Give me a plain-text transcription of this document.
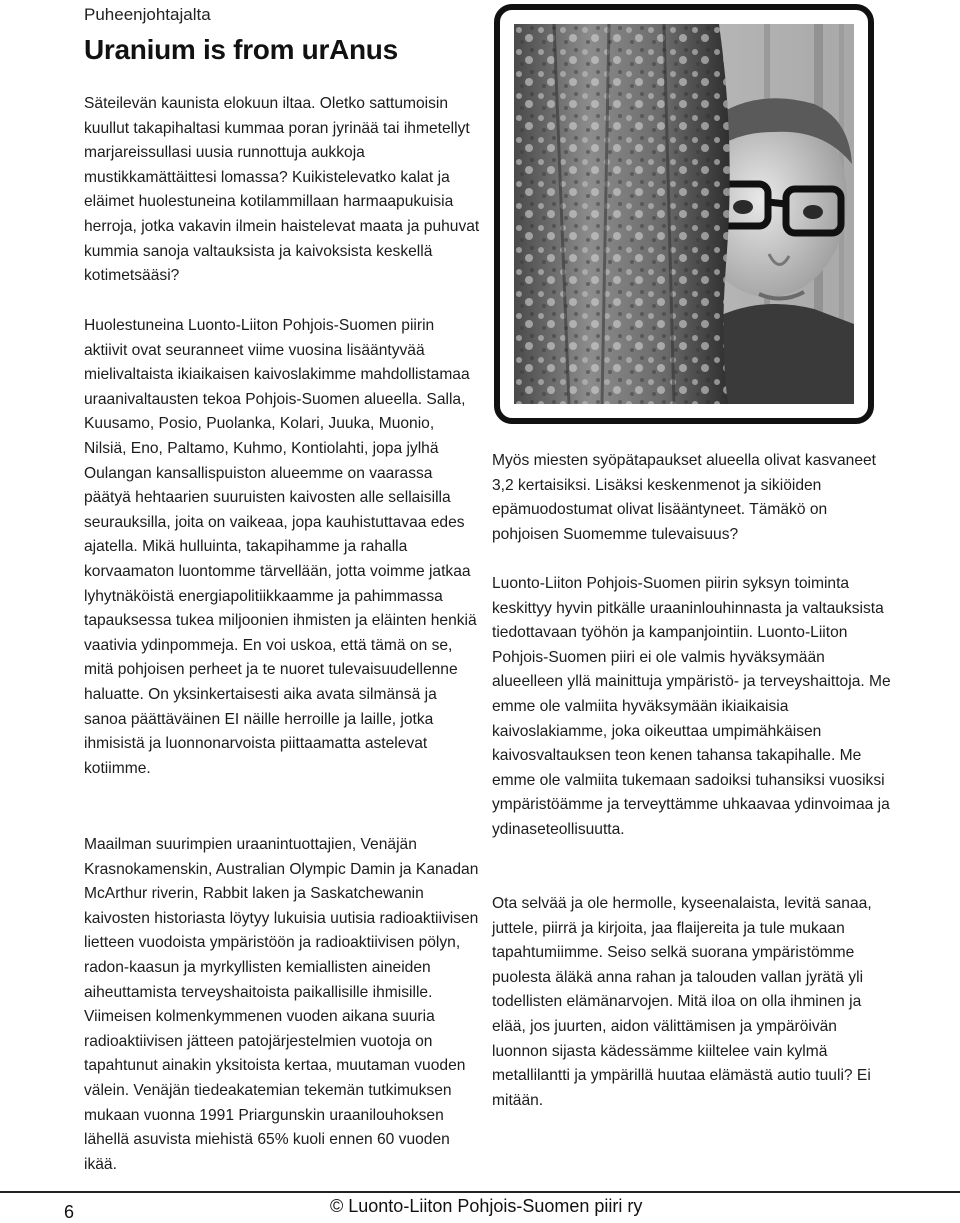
Puheenjohtajalta
Uranium is from urAnus

Säteilevän kaunista elokuun iltaa. Oletko sattumoisin kuullut takapihaltasi kummaa poran jyrinää tai ihmetellyt marjareissullasi uusia runnottuja aukkoja mustikkamättäittesi lomassa? Kuikistelevatko kalat ja eläimet huolestuneina kotilammillaan harmaapukuisia herroja, jotka vakavin ilmein haistelevat maata ja puhuvat kummia sanoja valtauksista ja kaivoksista keskellä kotimetsääsi?

Huolestuneina Luonto-Liiton Pohjois-Suomen piirin aktiivit ovat seuranneet viime vuosina lisääntyvää mielivaltaista ikiaikaisen kaivoslakimme mahdollistamaa uraanivaltausten tekoa Pohjois-Suomen alueella. Salla, Kuusamo, Posio, Puolanka, Kolari, Juuka, Muonio, Nilsiä, Eno, Paltamo, Kuhmo, Kontiolahti, jopa jylhä Oulangan kansallispuiston alueemme on vaarassa päätyä hehtaarien suuruisten kaivosten alle sellaisilla seurauksilla, joita on vaikeaa, jopa kauhistuttavaa edes ajatella. Mikä hulluinta, takapihamme ja rahalla korvaamaton luontomme tärvellään, jotta voimme jatkaa lyhytnäköistä energiapolitiikkaamme ja pahimmassa tapauksessa tukea miljoonien ihmisten ja eläinten henkiä vaativia ydinpommeja. En voi uskoa, että tämä on se, mitä pohjoisen perheet ja te nuoret tulevaisuudellenne haluatte. On yksinkertaisesti aika avata silmänsä ja sanoa päättäväinen EI näille herroille ja laille, jotka ihmisistä ja luonnonarvoista piittaamatta astelevat kotiimme.

Maailman suurimpien uraanintuottajien, Venäjän Krasnokamenskin, Australian Olympic Damin ja Kanadan McArthur riverin, Rabbit laken ja Saskatchewanin kaivosten historiasta löytyy lukuisia uutisia radioaktiivisen lietteen vuodoista ympäristöön ja radioaktiivisen pölyn, radon-kaasun ja myrkyllisten kemiallisten aineiden aiheuttamista terveyshaitoista paikallisille ihmisille. Viimeisen kolmenkymmenen vuoden aikana suuria radioaktiivisen jätteen patojärjestelmien vuotoja on tapahtunut ainakin yksitoista kertaa, muutaman vuoden välein. Venäjän tiedeakatemian tekemän tutkimuksen mukaan vuonna 1991 Priargunskin uraanilouhoksen lähellä asuvista miehistä 65% kuoli ennen 60 vuoden ikää.

Myös miesten syöpätapaukset alueella olivat kasvaneet 3,2 kertaisiksi. Lisäksi keskenmenot ja sikiöiden epämuodostumat olivat lisääntyneet. Tämäkö on pohjoisen Suomemme tulevaisuus?

Luonto-Liiton Pohjois-Suomen piirin syksyn toiminta keskittyy hyvin pitkälle uraaninlouhinnasta ja valtauksista tiedottavaan työhön ja kampanjointiin. Luonto-Liiton Pohjois-Suomen piiri ei ole valmis hyväksymään alueelleen yllä mainittuja ympäristö- ja terveyshaittoja. Me emme ole valmiita hyväksymään ikiaikaisia kaivoslakiamme, joka oikeuttaa umpimähkäisen kaivosvaltauksen teon kenen tahansa takapihalle. Me emme ole valmiita tukemaan sadoiksi tuhansiksi vuosiksi ympäristöämme ja terveyttämme uhkaavaa ydinvoimaa ja ydinaseteollisuutta.

Ota selvää ja ole hermolle, kyseenalaista, levitä sanaa, juttele, piirrä ja kirjoita, jaa flaijereita ja tule mukaan tapahtumiimme. Seiso selkä suorana ympäristömme puolesta äläkä anna rahan ja talouden vallan jyrätä yli todellisten elämänarvojen. Mitä iloa on olla ihminen ja elää, jos juurten, aidon välittämisen ja ympäröivän luonnon sijasta kädessämme kiiltelee vain kylmä metallilantti ja ympärillä huutaa elämästä autio tuuli? Ei mitään.

6	© Luonto-Liiton Pohjois-Suomen piiri ry
